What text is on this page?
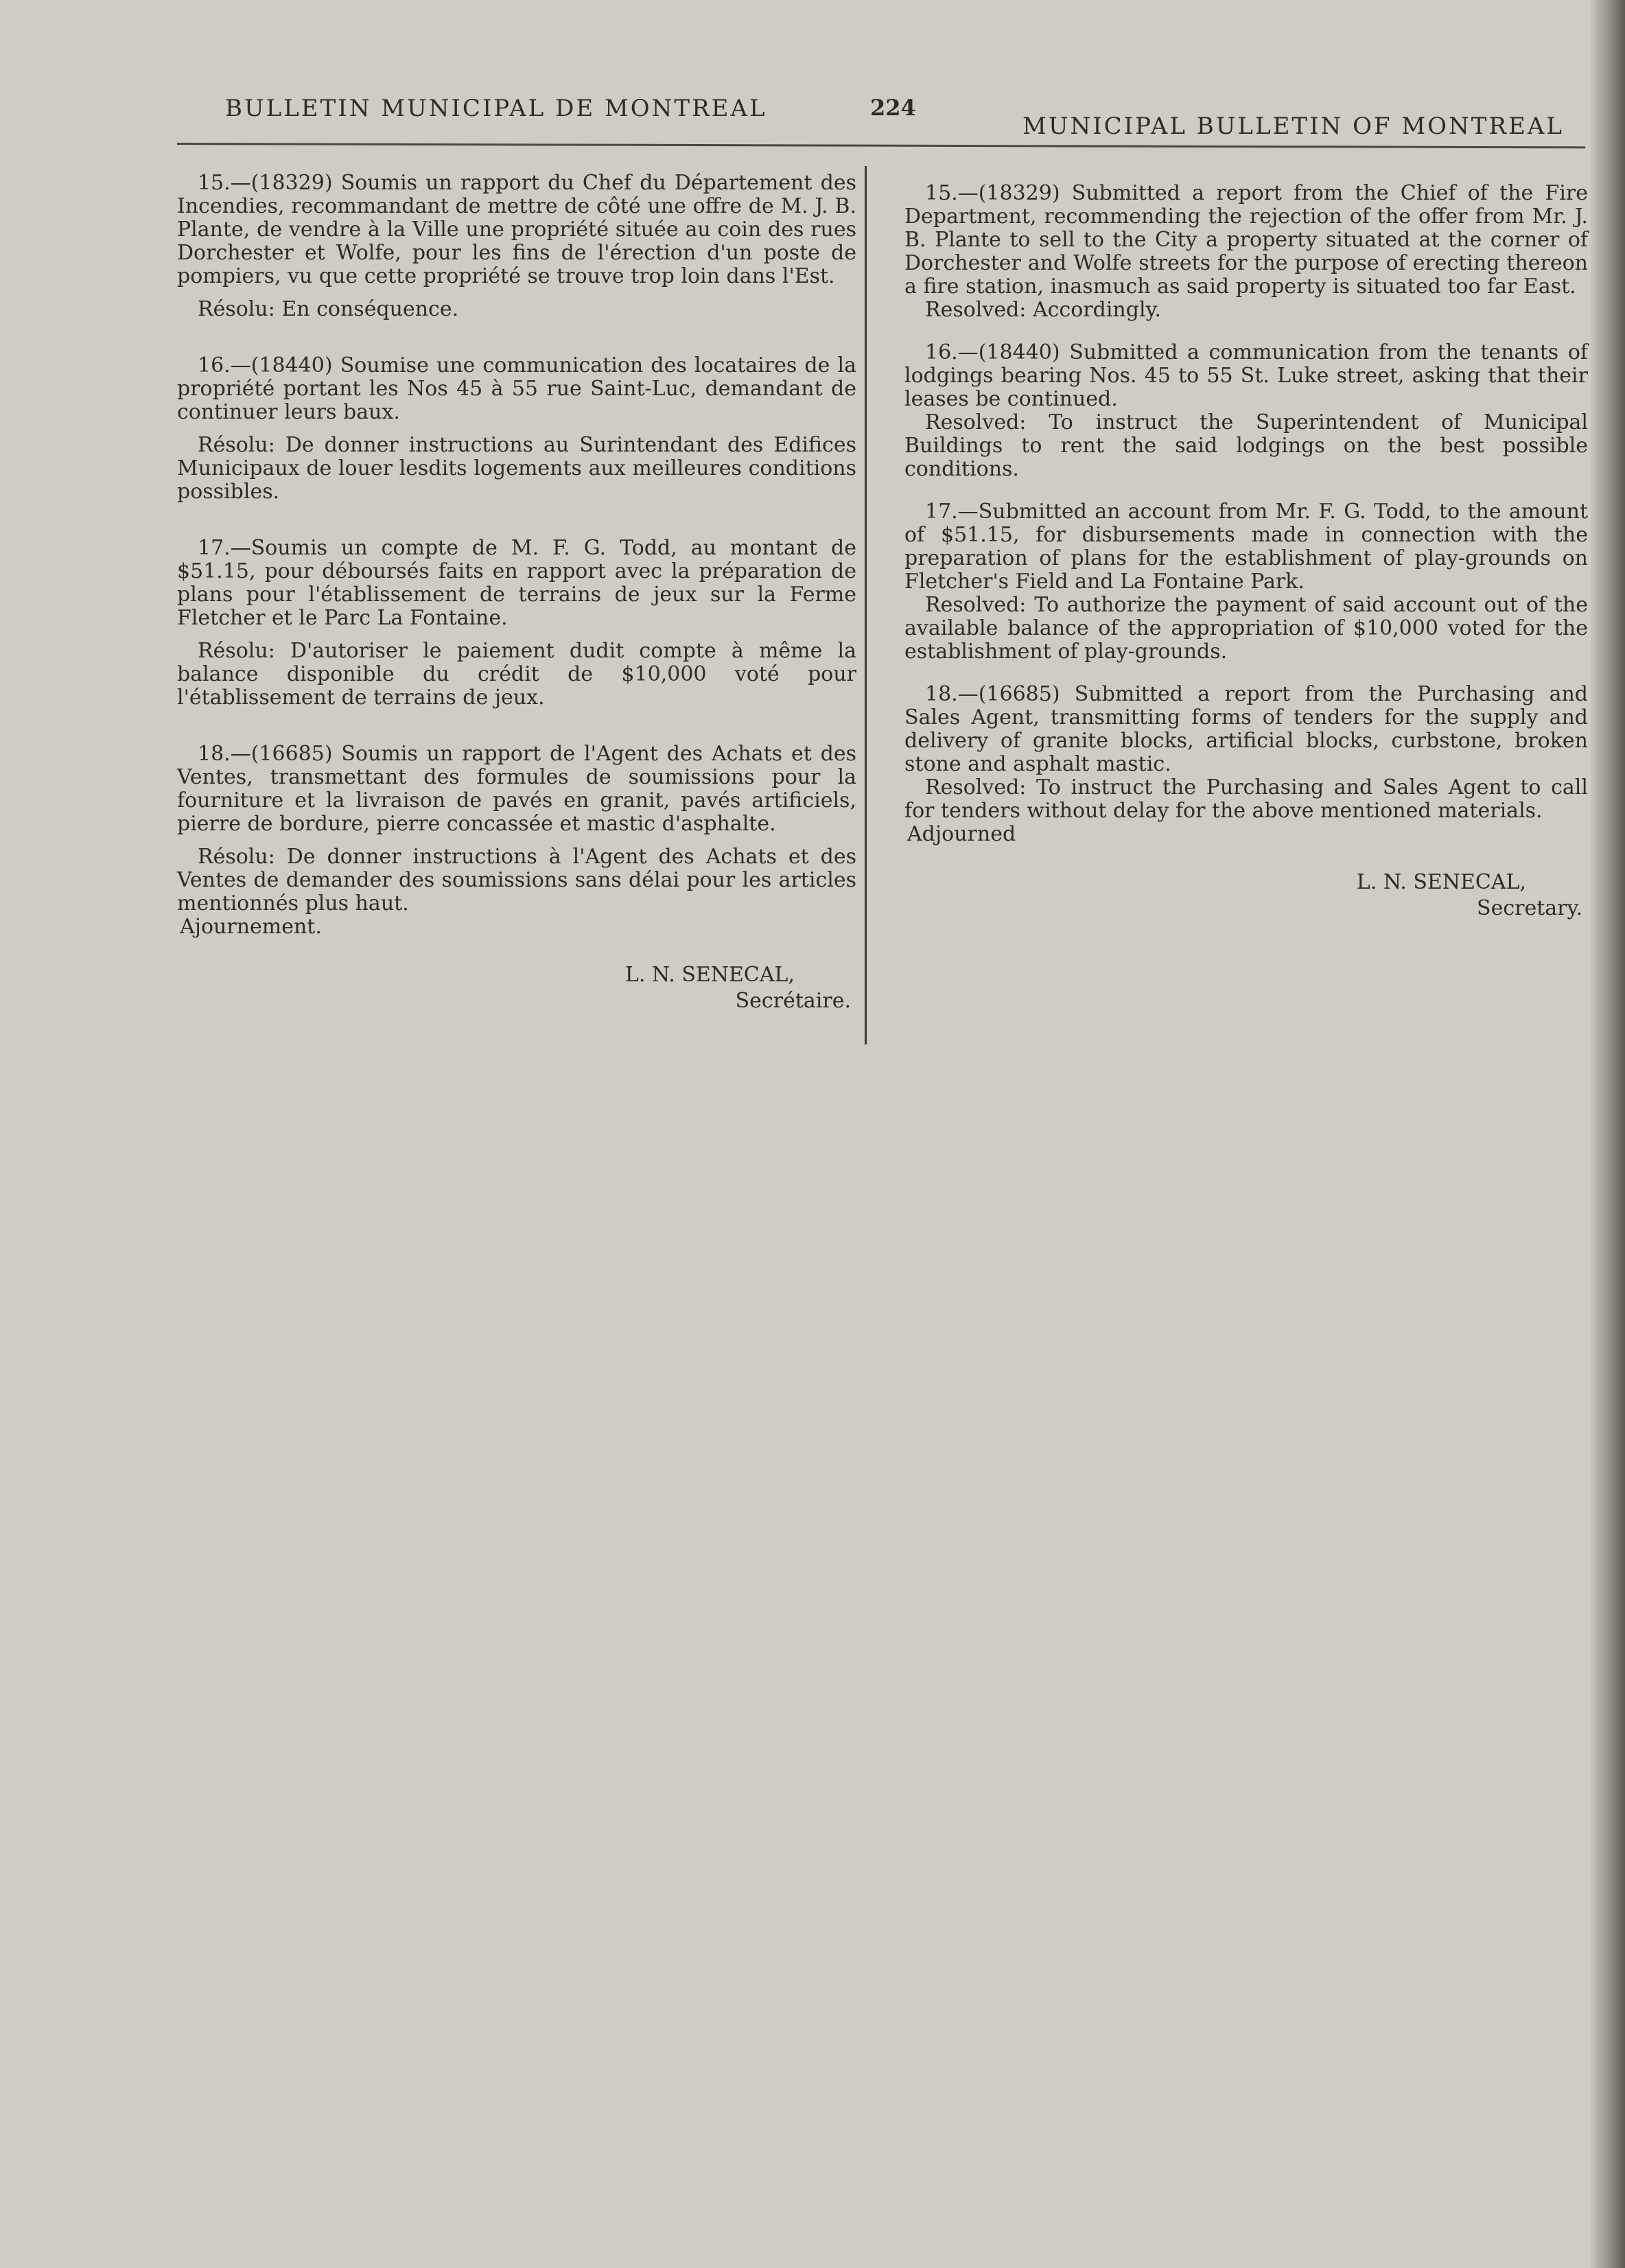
BULLETIN MUNICIPAL DE MONTREAL	224
MUNICIPAL BULLETIN OF MONTREAL

15.—(18329) Soumis un rapport du Chef du Département des Incendies, recommandant de mettre de côté une offre de M. J. B. Plante, de vendre à la Ville une propriété située au coin des rues Dorchester et Wolfe, pour les fins de l'érection d'un poste de pompiers, vu que cette propriété se trouve trop loin dans l'Est.

Résolu: En conséquence.

16.—(18440) Soumise une communication des locataires de la propriété portant les Nos 45 à 55 rue Saint-Luc, demandant de continuer leurs baux.

Résolu: De donner instructions au Surintendant des Edifices Municipaux de louer lesdits logements aux meilleures conditions possibles.

17.—Soumis un compte de M. F. G. Todd, au montant de $51.15, pour déboursés faits en rapport avec la préparation de plans pour l'établissement de terrains de jeux sur la Ferme Fletcher et le Parc La Fontaine.

Résolu: D'autoriser le paiement dudit compte à même la balance disponible du crédit de $10,000 voté pour l'établissement de terrains de jeux.

18.—(16685) Soumis un rapport de l'Agent des Achats et des Ventes, transmettant des formules de soumissions pour la fourniture et la livraison de pavés en granit, pavés artificiels, pierre de bordure, pierre concassée et mastic d'asphalte.

Résolu: De donner instructions à l'Agent des Achats et des Ventes de demander des soumissions sans délai pour les articles mentionnés plus haut.

Ajournement.

L. N. SENECAL,
Secrétaire.

15.—(18329) Submitted a report from the Chief of the Fire Department, recommending the rejection of the offer from Mr. J. B. Plante to sell to the City a property situated at the corner of Dorchester and Wolfe streets for the purpose of erecting thereon a fire station, inasmuch as said property is situated too far East.

Resolved: Accordingly.

16.—(18440) Submitted a communication from the tenants of lodgings bearing Nos. 45 to 55 St. Luke street, asking that their leases be continued.

Resolved: To instruct the Superintendent of Municipal Buildings to rent the said lodgings on the best possible conditions.

17.—Submitted an account from Mr. F. G. Todd, to the amount of $51.15, for disbursements made in connection with the preparation of plans for the establishment of play-grounds on Fletcher's Field and La Fontaine Park.

Resolved: To authorize the payment of said account out of the available balance of the appropriation of $10,000 voted for the establishment of play-grounds.

18.—(16685) Submitted a report from the Purchasing and Sales Agent, transmitting forms of tenders for the supply and delivery of granite blocks, artificial blocks, curbstone, broken stone and asphalt mastic.

Resolved: To instruct the Purchasing and Sales Agent to call for tenders without delay for the above mentioned materials.

Adjourned

L. N. SENECAL,
Secretary.
